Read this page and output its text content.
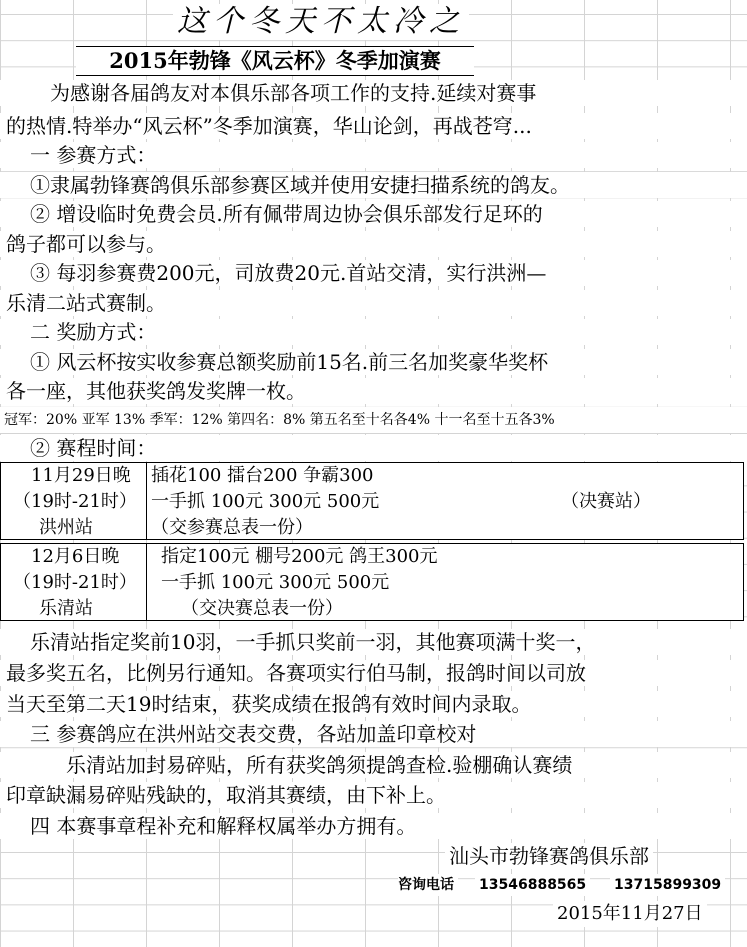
这个冬天不太冷之
2015年勃锋《风云杯》冬季加演赛
为感谢各届鸽友对本俱乐部各项工作的支持.延续对赛事
的热情.特举办“风云杯”冬季加演赛，华山论剑，再战苍穹...
一 参赛方式：
①隶属勃锋赛鸽俱乐部参赛区域并使用安捷扫描系统的鸽友。
② 增设临时免费会员.所有佩带周边协会俱乐部发行足环的
鸽子都可以参与。
③ 每羽参赛费200元，司放费20元.首站交清，实行洪洲—
乐清二站式赛制。
二 奖励方式：
① 风云杯按实收参赛总额奖励前15名.前三名加奖豪华奖杯
各一座，其他获奖鸽发奖牌一枚。
冠军：20% 亚军 13% 季军：12% 第四名：8% 第五名至十名各4% 十一名至十五各3%
② 赛程时间：
11月29日晚
（19时-21时）
洪州站
插花100 擂台200 争霸300
一手抓 100元 300元 500元
（交参赛总表一份）
（决赛站）
12月6日晚
（19时-21时）
乐清站
指定100元 棚号200元 鸽王300元
一手抓 100元 300元 500元
（交决赛总表一份）
乐清站指定奖前10羽，一手抓只奖前一羽，其他赛项满十奖一，
最多奖五名，比例另行通知。各赛项实行伯马制，报鸽时间以司放
当天至第二天19时结束，获奖成绩在报鸽有效时间内录取。
三 参赛鸽应在洪州站交表交费，各站加盖印章校对
乐清站加封易碎贴，所有获奖鸽须提鸽查检.验棚确认赛绩
印章缺漏易碎贴残缺的，取消其赛绩，由下补上。
四 本赛事章程补充和解释权属举办方拥有。
汕头市勃锋赛鸽俱乐部
咨询电话 13546888565 13715899309
2015年11月27日
